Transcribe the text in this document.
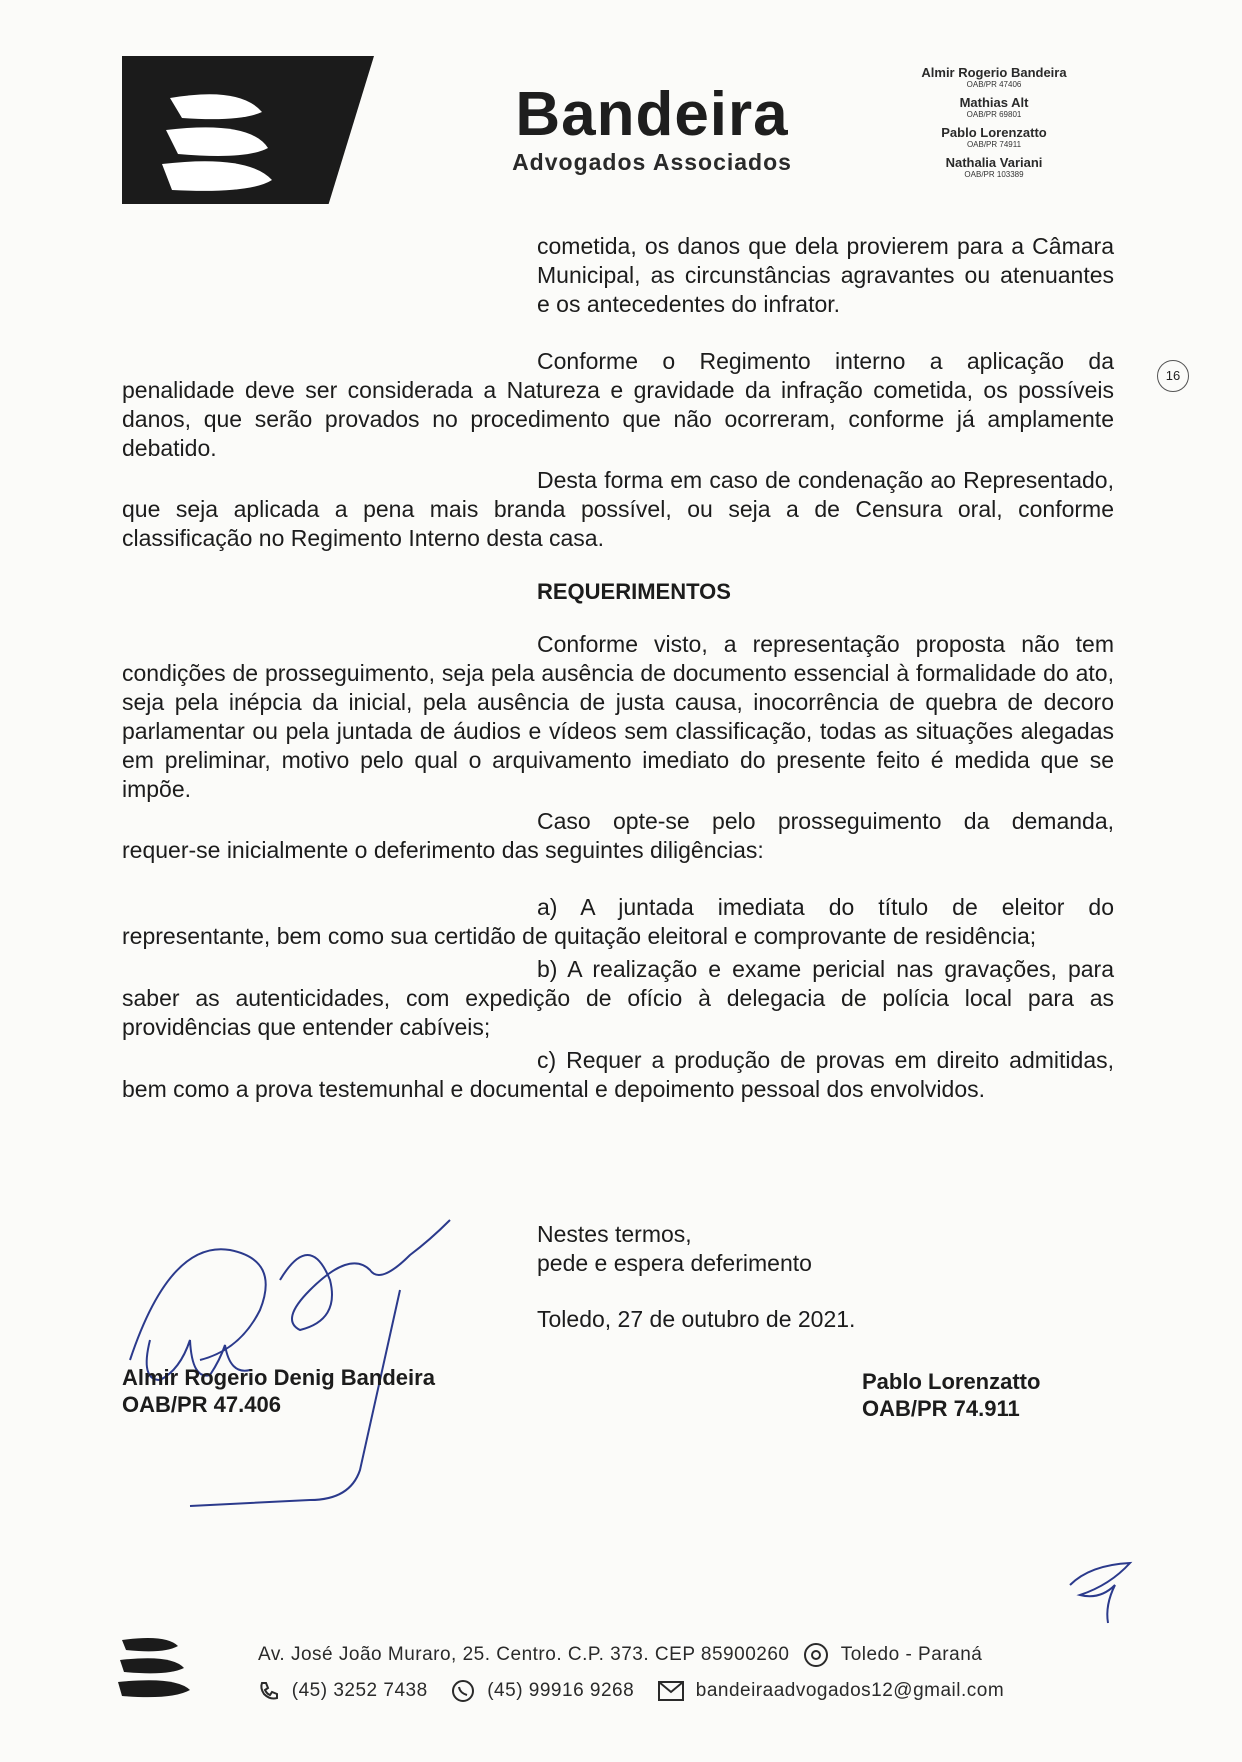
Bandeira
Advogados Associados
Almir Rogerio Bandeira
OAB/PR 47406
Mathias Alt
OAB/PR 69801
Pablo Lorenzatto
OAB/PR 74911
Nathalia Variani
OAB/PR 103389
16

cometida, os danos que dela provierem para a Câmara Municipal, as circunstâncias agravantes ou atenuantes e os antecedentes do infrator.

Conforme o Regimento interno a aplicação da penalidade deve ser considerada a Natureza e gravidade da infração cometida, os possíveis danos, que serão provados no procedimento que não ocorreram, conforme já amplamente debatido.

Desta forma em caso de condenação ao Representado, que seja aplicada a pena mais branda possível, ou seja a de Censura oral, conforme classificação no Regimento Interno desta casa.

REQUERIMENTOS

Conforme visto, a representação proposta não tem condições de prosseguimento, seja pela ausência de documento essencial à formalidade do ato, seja pela inépcia da inicial, pela ausência de justa causa, inocorrência de quebra de decoro parlamentar ou pela juntada de áudios e vídeos sem classificação, todas as situações alegadas em preliminar, motivo pelo qual o arquivamento imediato do presente feito é medida que se impõe.

Caso opte-se pelo prosseguimento da demanda, requer-se inicialmente o deferimento das seguintes diligências:

a) A juntada imediata do título de eleitor do representante, bem como sua certidão de quitação eleitoral e comprovante de residência;

b) A realização e exame pericial nas gravações, para saber as autenticidades, com expedição de ofício à delegacia de polícia local para as providências que entender cabíveis;

c) Requer a produção de provas em direito admitidas, bem como a prova testemunhal e documental e depoimento pessoal dos envolvidos.

Nestes termos,
pede e espera deferimento
Toledo, 27 de outubro de 2021.
Almir Rogerio Denig Bandeira
OAB/PR 47.406
Pablo Lorenzatto
OAB/PR 74.911
Av. José João Muraro, 25. Centro. C.P. 373. CEP 85900260	Toledo - Paraná
(45) 3252 7438	(45) 99916 9268	bandeiraadvogados12@gmail.com
